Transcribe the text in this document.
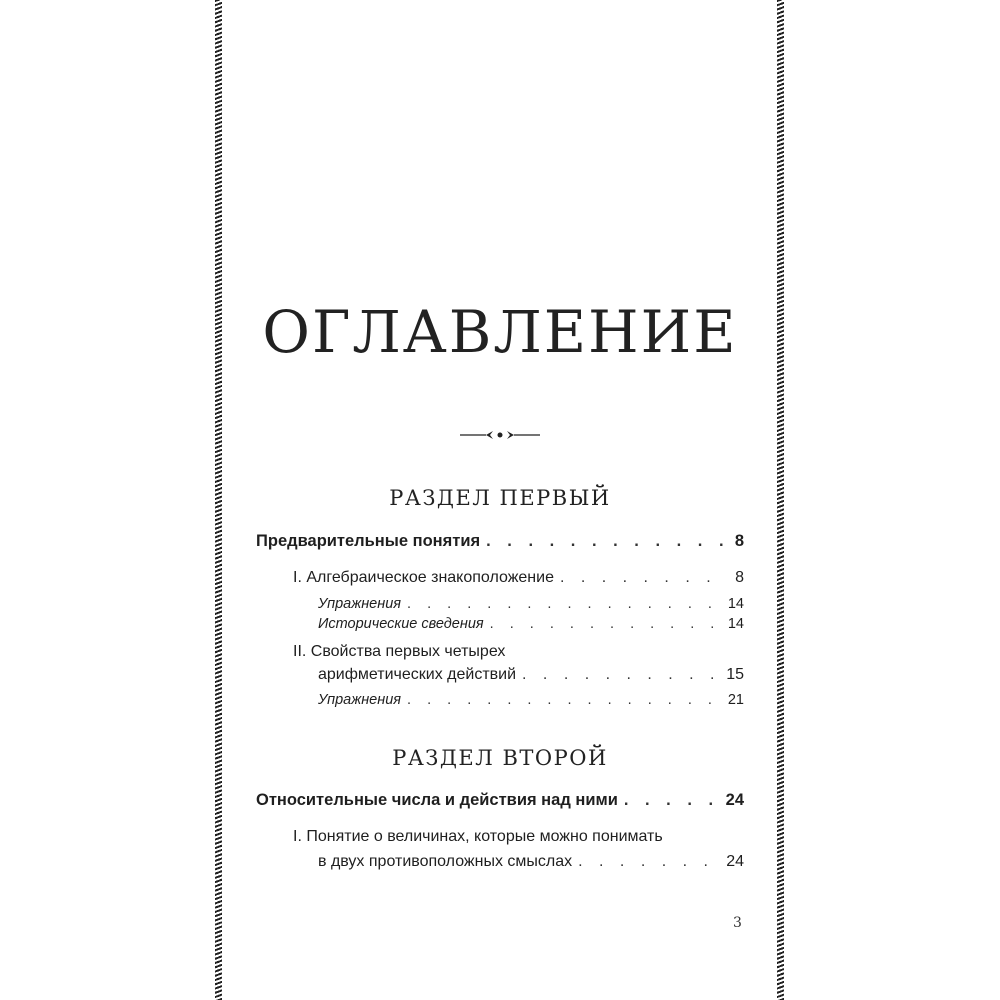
ОГЛАВЛЕНИЕ
РАЗДЕЛ ПЕРВЫЙ
Предварительные понятия . . .	8
I. Алгебраическое знакоположение . . .	8
Упражнения . . .	14
Исторические сведения . . .	14
II. Свойства первых четырех
арифметических действий . . .	15
Упражнения . . .	21
РАЗДЕЛ ВТОРОЙ
Относительные числа и действия над ними . . .	24
I. Понятие о величинах, которые можно понимать
в двух противоположных смыслах . . .	24
3
